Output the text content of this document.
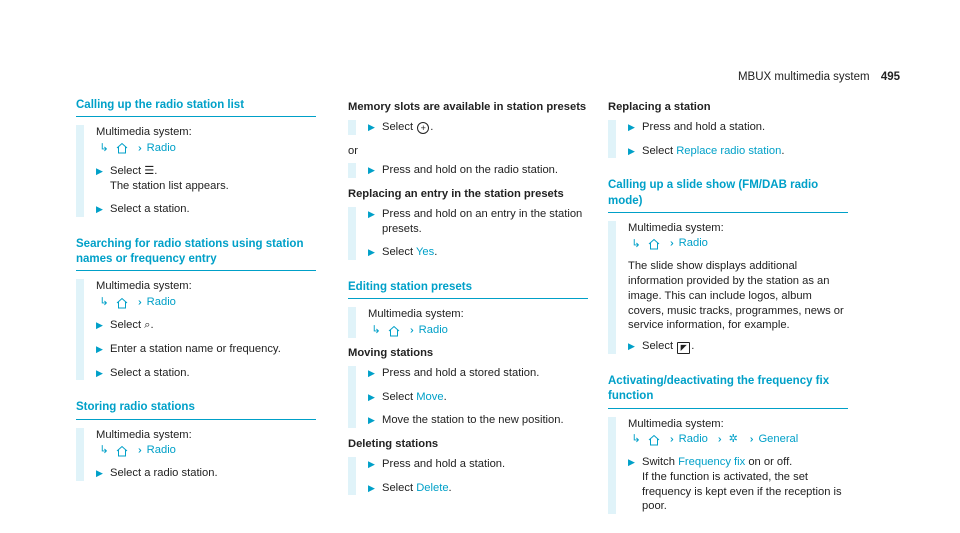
MBUX multimedia system 495
Calling up the radio station list
Multimedia system:
↳	›› Radio
▶ Select ☰.
The station list appears.
▶ Select a station.
Searching for radio stations using station names or frequency entry
Multimedia system:
↳	›› Radio
▶ Select ⌕.
▶ Enter a station name or frequency.
▶ Select a station.
Storing radio stations
Multimedia system:
↳	›› Radio
▶ Select a radio station.
Memory slots are available in station presets
▶ Select + .
or
▶ Press and hold on the radio station.
Replacing an entry in the station presets
▶ Press and hold on an entry in the station presets.
▶ Select Yes.
Editing station presets
Multimedia system:
↳	›› Radio
Moving stations
▶ Press and hold a stored station.
▶ Select Move.
▶ Move the station to the new position.
Deleting stations
▶ Press and hold a station.
▶ Select Delete.
Replacing a station
▶ Press and hold a station.
▶ Select Replace radio station.
Calling up a slide show (FM/DAB radio mode)
Multimedia system:
↳	›› Radio
The slide show displays additional information provided by the station as an image. This can include logos, album covers, music tracks, programmes, news or service information, for example.
▶ Select ◤ .
Activating/deactivating the frequency fix function
Multimedia system:
↳	›› Radio ›› ✲ ›› General
▶ Switch Frequency fix on or off.
If the function is activated, the set frequency is kept even if the reception is poor.
